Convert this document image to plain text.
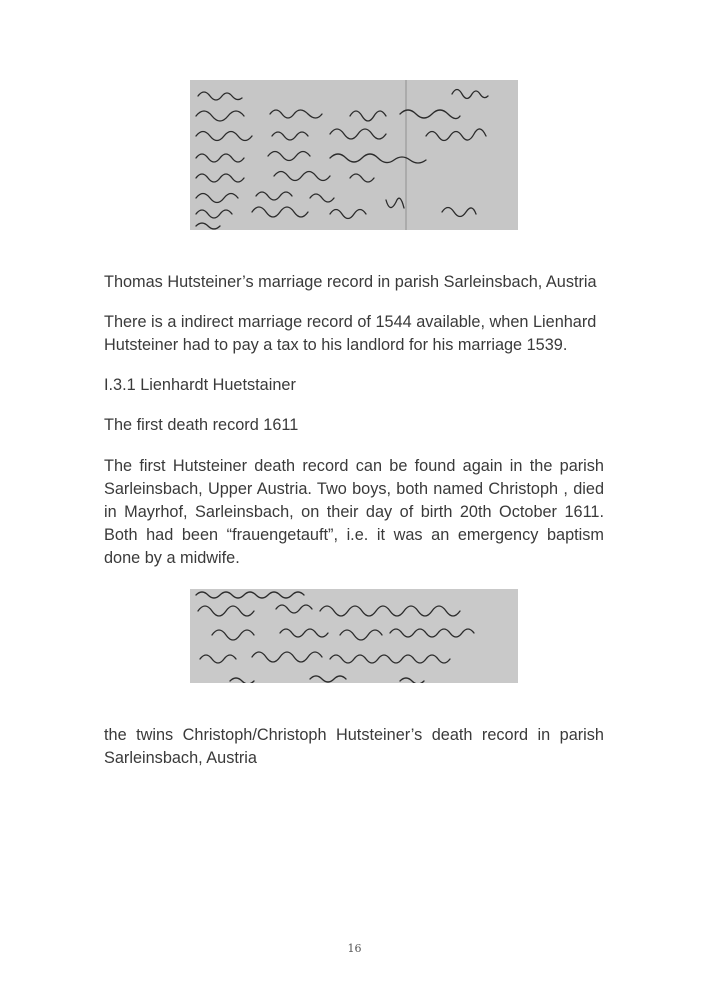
Thomas Hutsteiner’s marriage record in parish Sarleinsbach, Austria

There is a indirect marriage record of 1544 available, when Lienhard Hutsteiner had to pay a tax to his landlord for his marriage 1539.

I.3.1 Lienhardt Huetstainer

The first death record 1611

The first Hutsteiner death record can be found again in the parish Sarleinsbach, Upper Austria. Two boys, both named Christoph , died in Mayrhof, Sarleinsbach, on their day of birth 20th October 1611. Both had been “frauengetauft”, i.e. it was an emergency baptism done by a midwife.

the twins Christoph/Christoph Hutsteiner’s death record in parish Sarleinsbach, Austria

16
